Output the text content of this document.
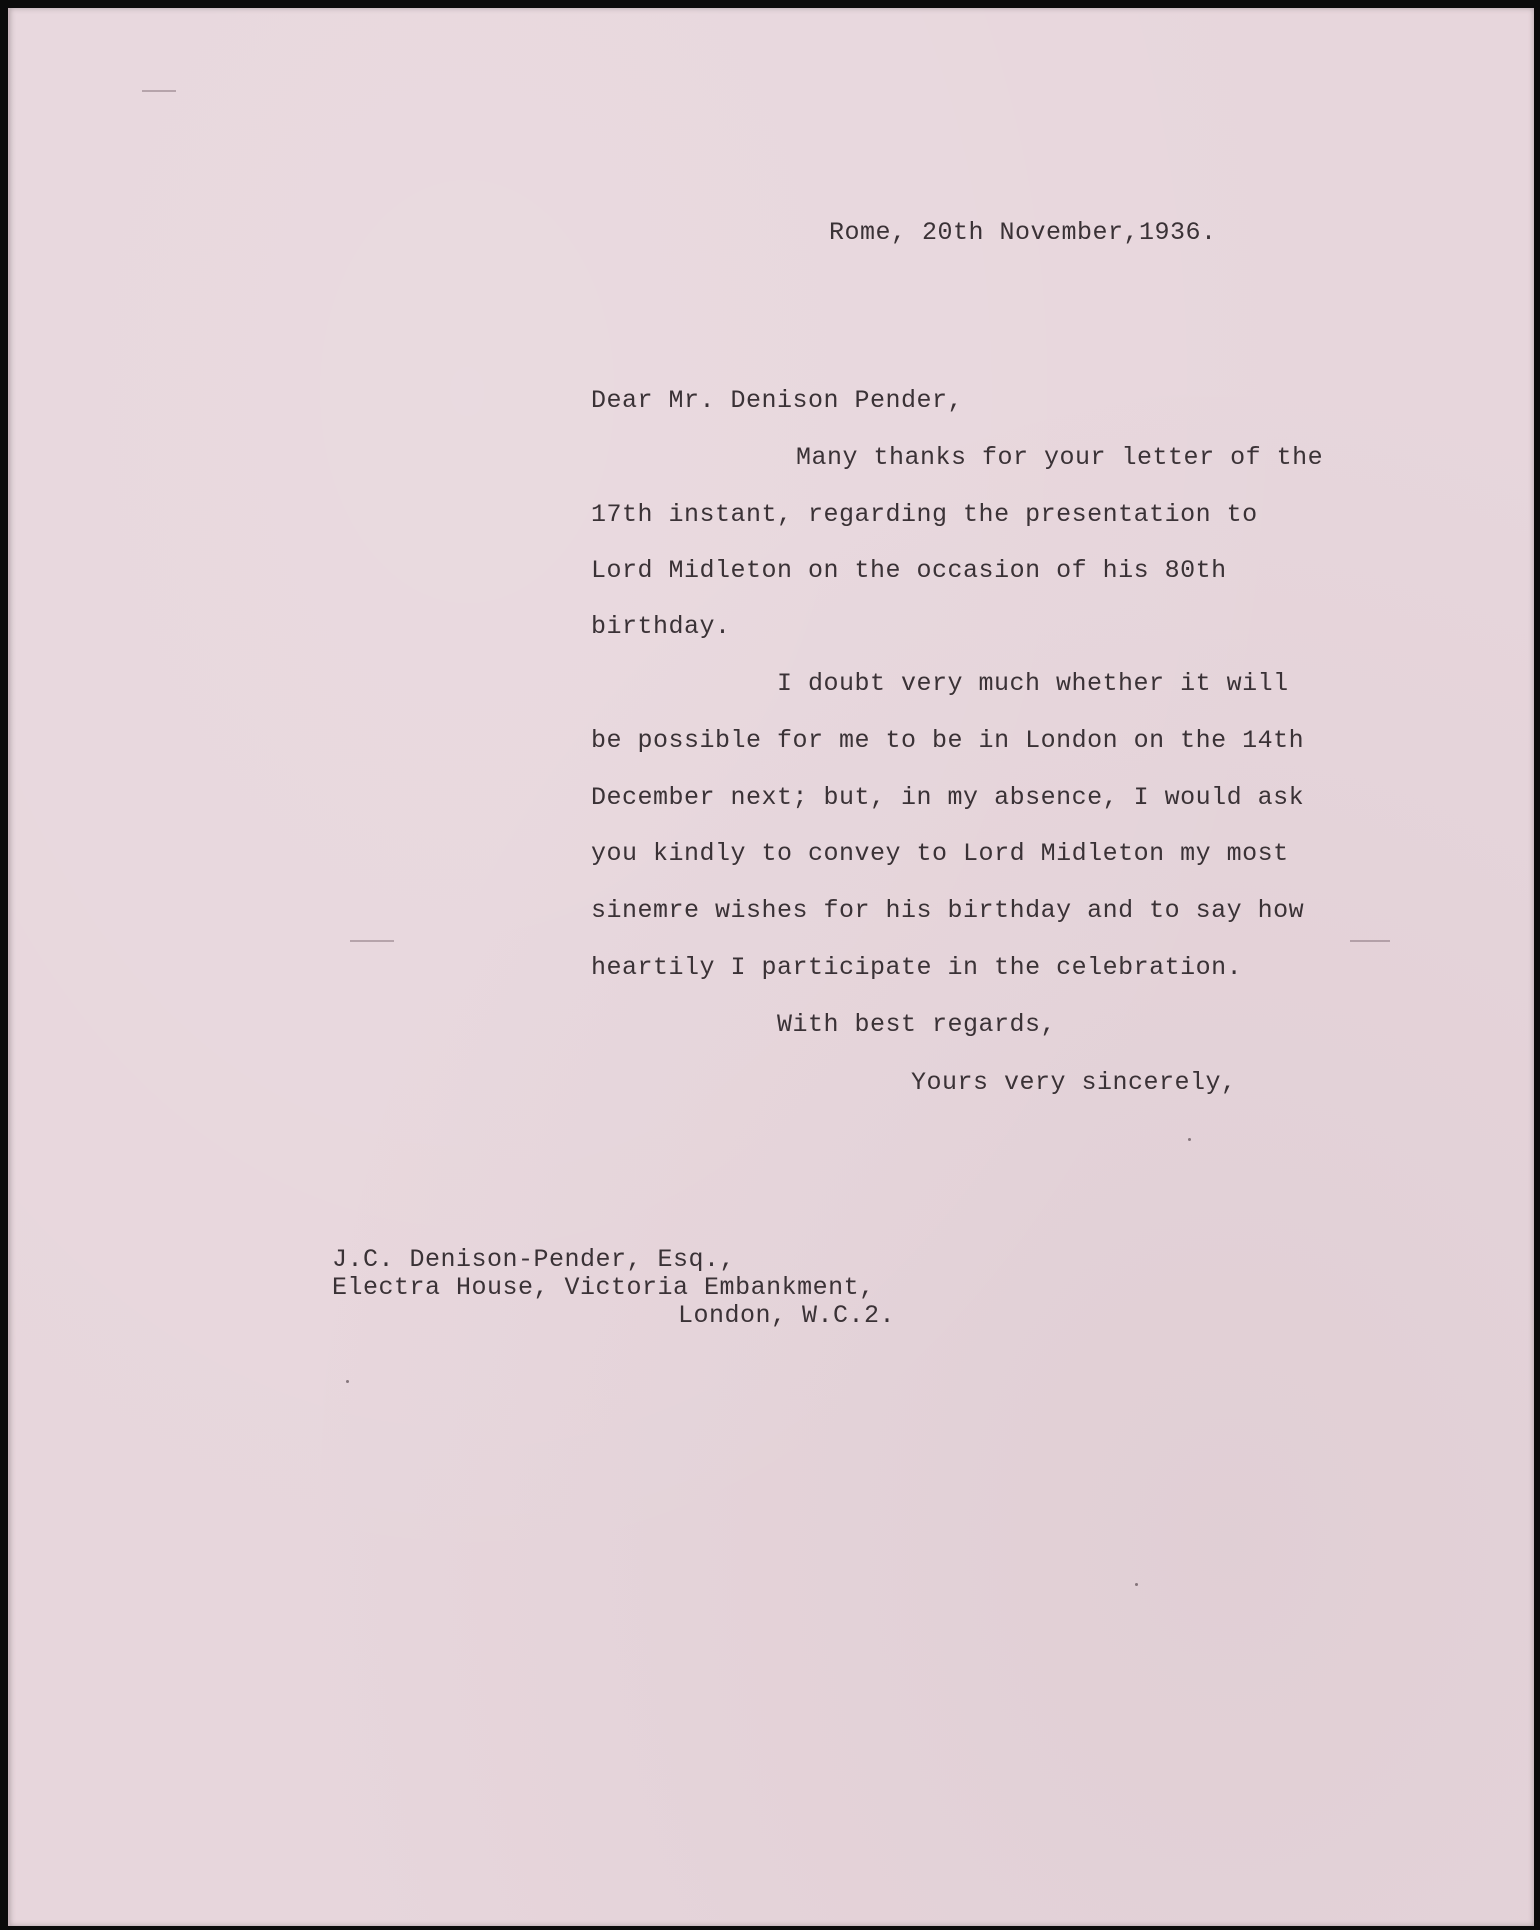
Rome, 20th November,1936.
Dear Mr. Denison Pender,
Many thanks for your letter of the
17th instant, regarding the presentation to
Lord Midleton on the occasion of his 80th
birthday.
I doubt very much whether it will
be possible for me to be in London on the 14th
December next; but, in my absence, I would ask
you kindly to convey to Lord Midleton my most
sinemre wishes for his birthday and to say how
heartily I participate in the celebration.
With best regards,
Yours very sincerely,
J.C. Denison-Pender, Esq.,
Electra House, Victoria Embankment,
London, W.C.2.
